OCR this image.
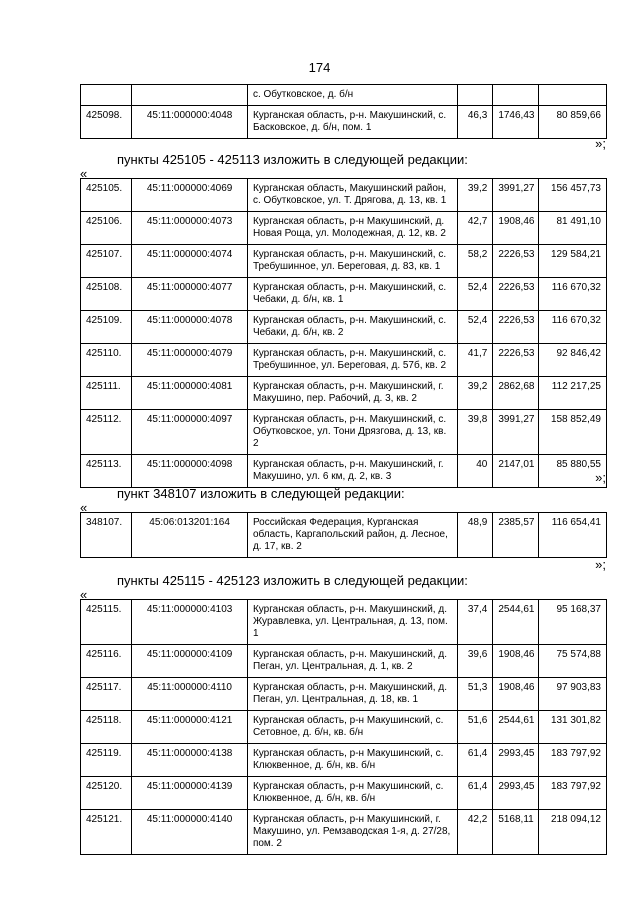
174
		с. Обутковское, д. б/н			
425098.	45:11:000000:4048	Курганская область, р-н. Макушинский, с. Басковское, д. б/н, пом. 1	46,3	1746,43	80 859,66
»;
пункты 425105 - 425113 изложить в следующей редакции:
«
425105.	45:11:000000:4069	Курганская область, Макушинский район, с. Обутковское, ул. Т. Дрягова, д. 13, кв. 1	39,2	3991,27	156 457,73
425106.	45:11:000000:4073	Курганская область, р-н Макушинский, д. Новая Роща, ул. Молодежная, д. 12, кв. 2	42,7	1908,46	81 491,10
425107.	45:11:000000:4074	Курганская область, р-н. Макушинский, с. Требушинное, ул. Береговая, д. 83, кв. 1	58,2	2226,53	129 584,21
425108.	45:11:000000:4077	Курганская область, р-н. Макушинский, с. Чебаки, д. б/н, кв. 1	52,4	2226,53	116 670,32
425109.	45:11:000000:4078	Курганская область, р-н. Макушинский, с. Чебаки, д. б/н, кв. 2	52,4	2226,53	116 670,32
425110.	45:11:000000:4079	Курганская область, р-н. Макушинский, с. Требушинное, ул. Береговая, д. 57б, кв. 2	41,7	2226,53	92 846,42
425111.	45:11:000000:4081	Курганская область, р-н. Макушинский, г. Макушино, пер. Рабочий, д. 3, кв. 2	39,2	2862,68	112 217,25
425112.	45:11:000000:4097	Курганская область, р-н. Макушинский, с. Обутковское, ул. Тони Дрязгова, д. 13, кв. 2	39,8	3991,27	158 852,49
425113.	45:11:000000:4098	Курганская область, р-н. Макушинский, г. Макушино, ул. 6 км, д. 2, кв. 3	40	2147,01	85 880,55
»;
пункт 348107 изложить в следующей редакции:
«
348107.	45:06:013201:164	Российская Федерация, Курганская область, Каргапольский район, д. Лесное, д. 17, кв. 2	48,9	2385,57	116 654,41
»;
пункты 425115 - 425123 изложить в следующей редакции:
«
425115.	45:11:000000:4103	Курганская область, р-н. Макушинский, д. Журавлевка, ул. Центральная, д. 13, пом. 1	37,4	2544,61	95 168,37
425116.	45:11:000000:4109	Курганская область, р-н. Макушинский, д. Пеган, ул. Центральная, д. 1, кв. 2	39,6	1908,46	75 574,88
425117.	45:11:000000:4110	Курганская область, р-н. Макушинский, д. Пеган, ул. Центральная, д. 18, кв. 1	51,3	1908,46	97 903,83
425118.	45:11:000000:4121	Курганская область, р-н Макушинский, с. Сетовное, д. б/н, кв. б/н	51,6	2544,61	131 301,82
425119.	45:11:000000:4138	Курганская область, р-н Макушинский, с. Клюквенное, д. б/н, кв. б/н	61,4	2993,45	183 797,92
425120.	45:11:000000:4139	Курганская область, р-н Макушинский, с. Клюквенное, д. б/н, кв. б/н	61,4	2993,45	183 797,92
425121.	45:11:000000:4140	Курганская область, р-н Макушинский, г. Макушино, ул. Ремзаводская 1-я, д. 27/28, пом. 2	42,2	5168,11	218 094,12
